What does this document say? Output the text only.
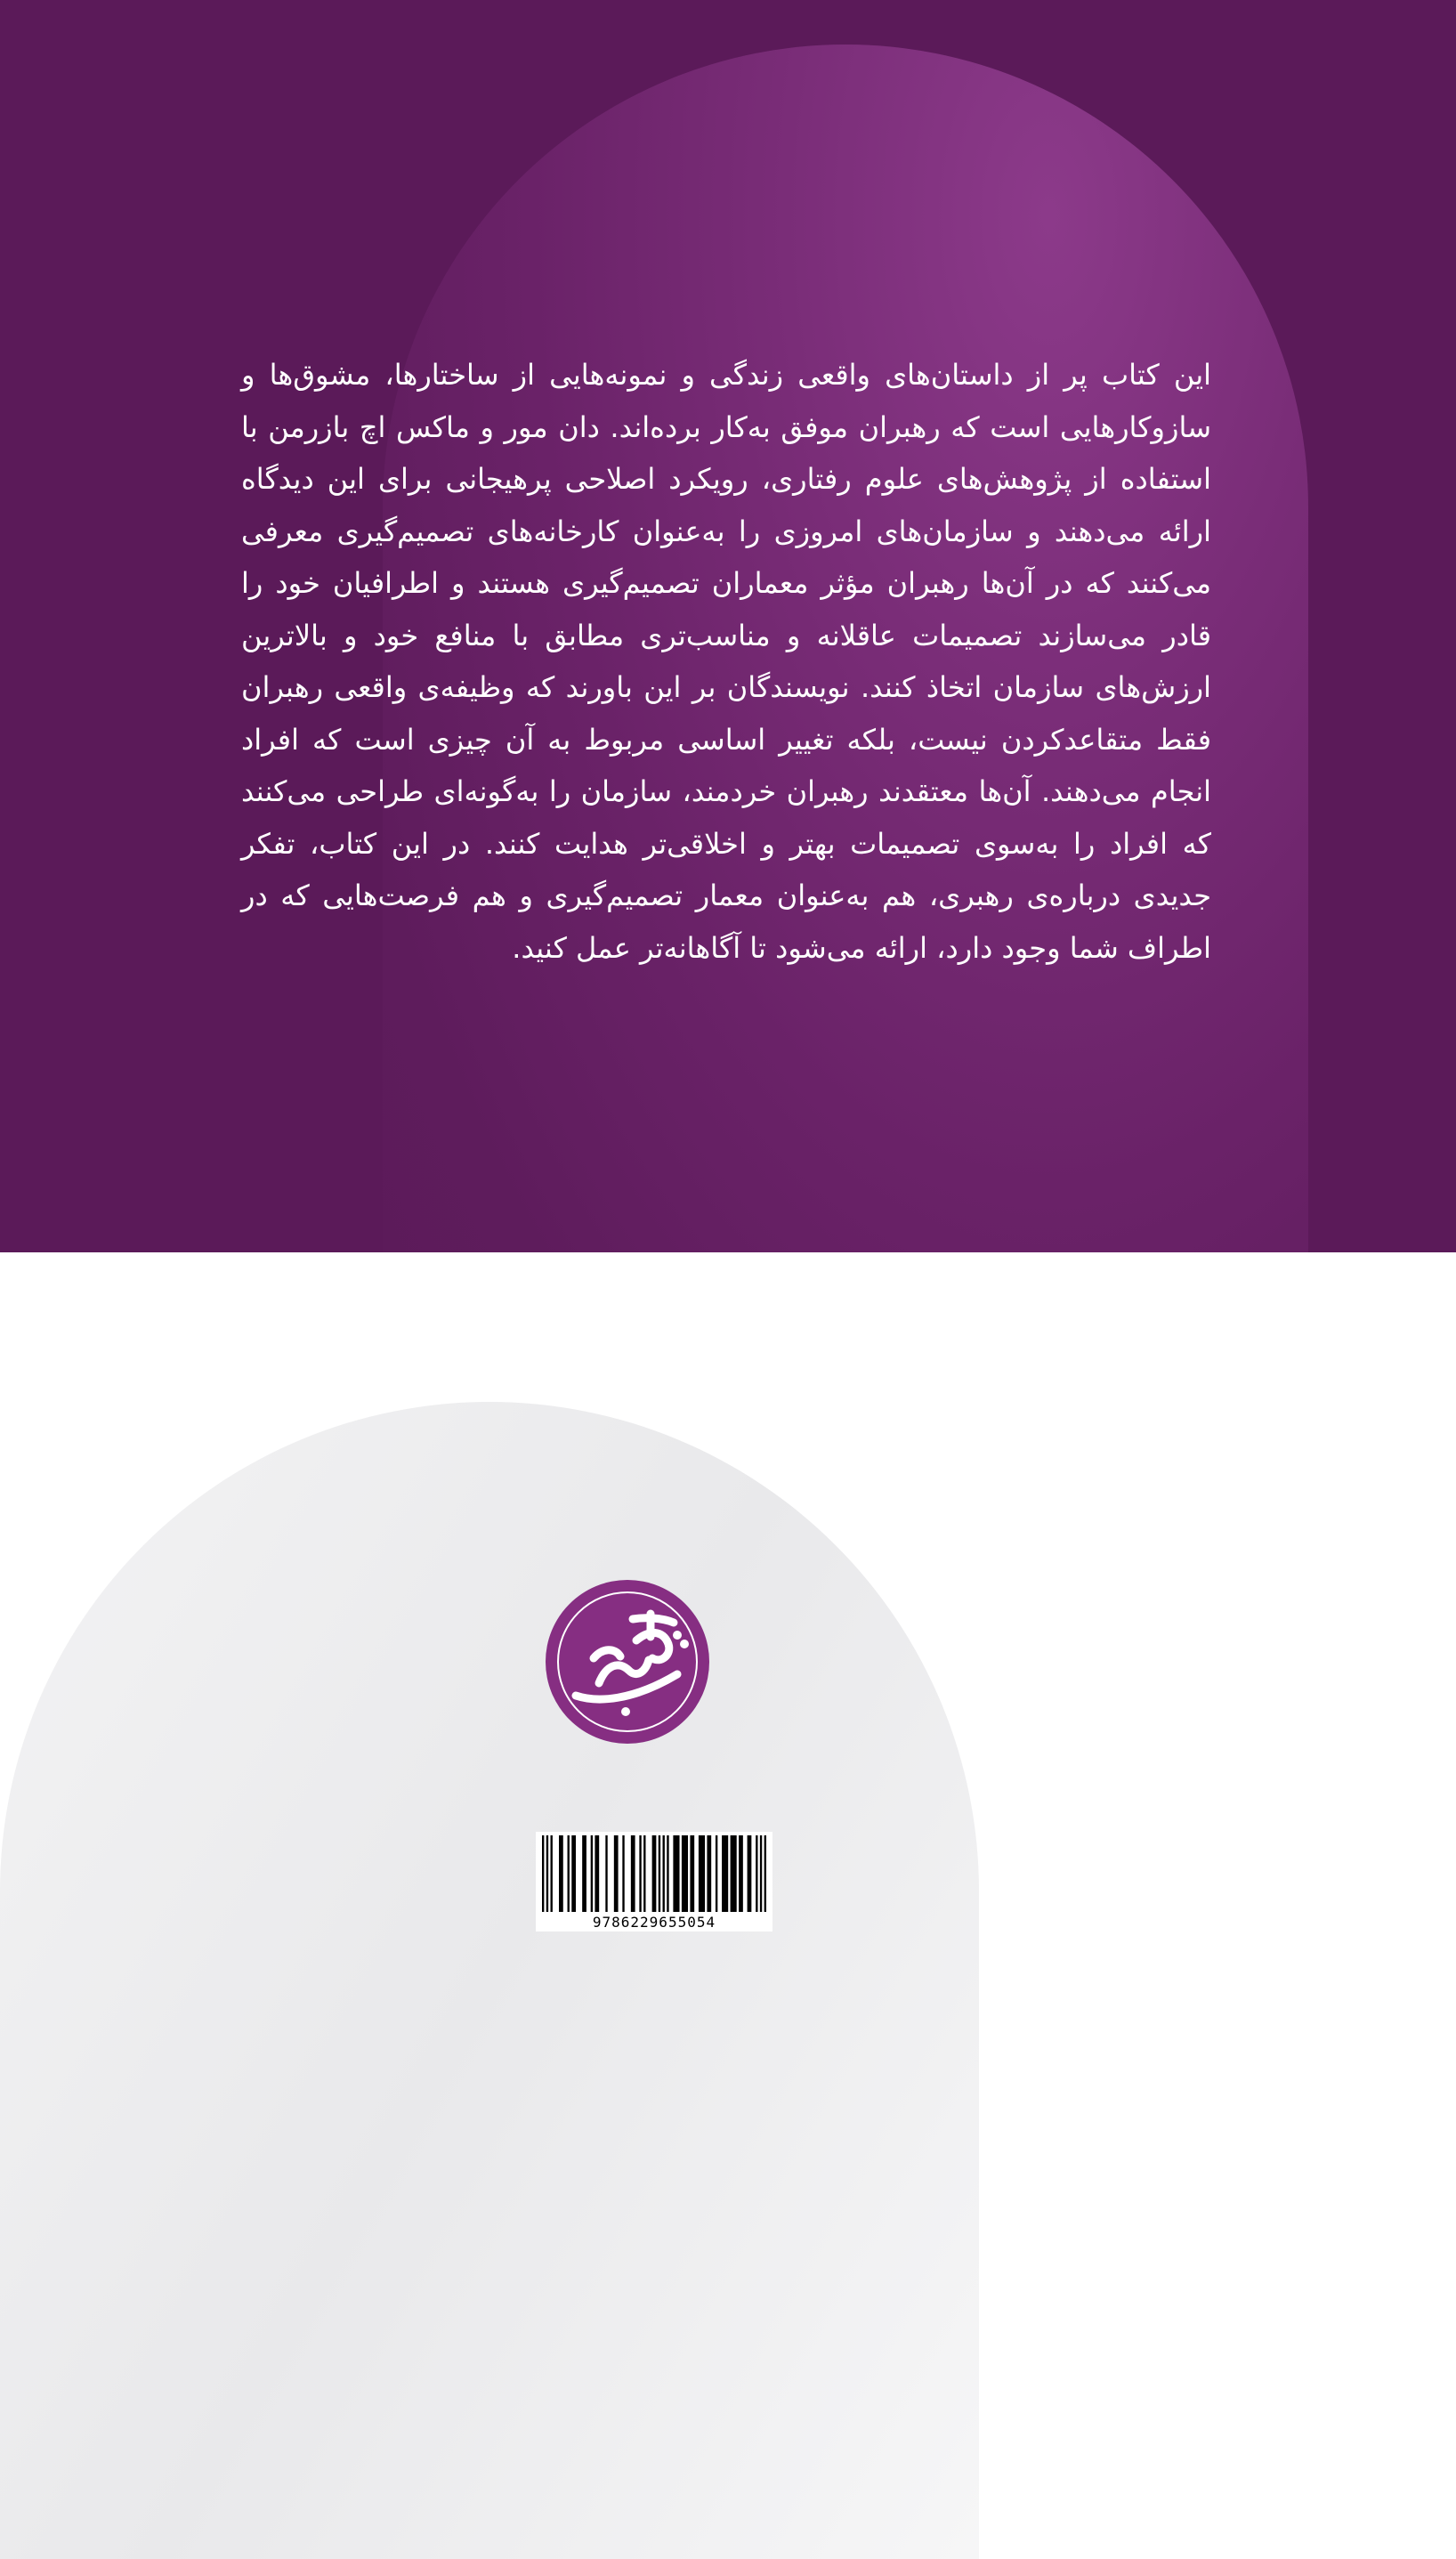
این کتاب پر از داستان‌های واقعی زندگی و نمونه‌هایی از ساختارها، مشوق‌ها و سازوکارهایی است که رهبران موفق به‌کار برده‌اند. دان مور و ماکس اچ بازرمن با استفاده از پژوهش‌های علوم رفتاری، رویکرد اصلاحی پرهیجانی برای این دیدگاه ارائه می‌دهند و سازمان‌های امروزی را به‌عنوان کارخانه‌های تصمیم‌گیری معرفی می‌کنند که در آن‌ها رهبران مؤثر معماران تصمیم‌گیری هستند و اطرافیان خود را قادر می‌سازند تصمیمات عاقلانه و مناسب‌تری مطابق با منافع خود و بالاترین ارزش‌های سازمان اتخاذ کنند. نویسندگان بر این باورند که وظیفه‌ی واقعی رهبران فقط متقاعدکردن نیست، بلکه تغییر اساسی مربوط به آن چیزی است که افراد انجام می‌دهند. آن‌ها معتقدند رهبران خردمند، سازمان را به‌گونه‌ای طراحی می‌کنند که افراد را به‌سوی تصمیمات بهتر و اخلاقی‌تر هدایت کنند. در این کتاب، تفکر جدیدی درباره‌ی رهبری، هم به‌عنوان معمار تصمیم‌گیری و هم فرصت‌هایی که در اطراف شما وجود دارد، ارائه می‌شود تا آگاهانه‌تر عمل کنید.

9786229655054
